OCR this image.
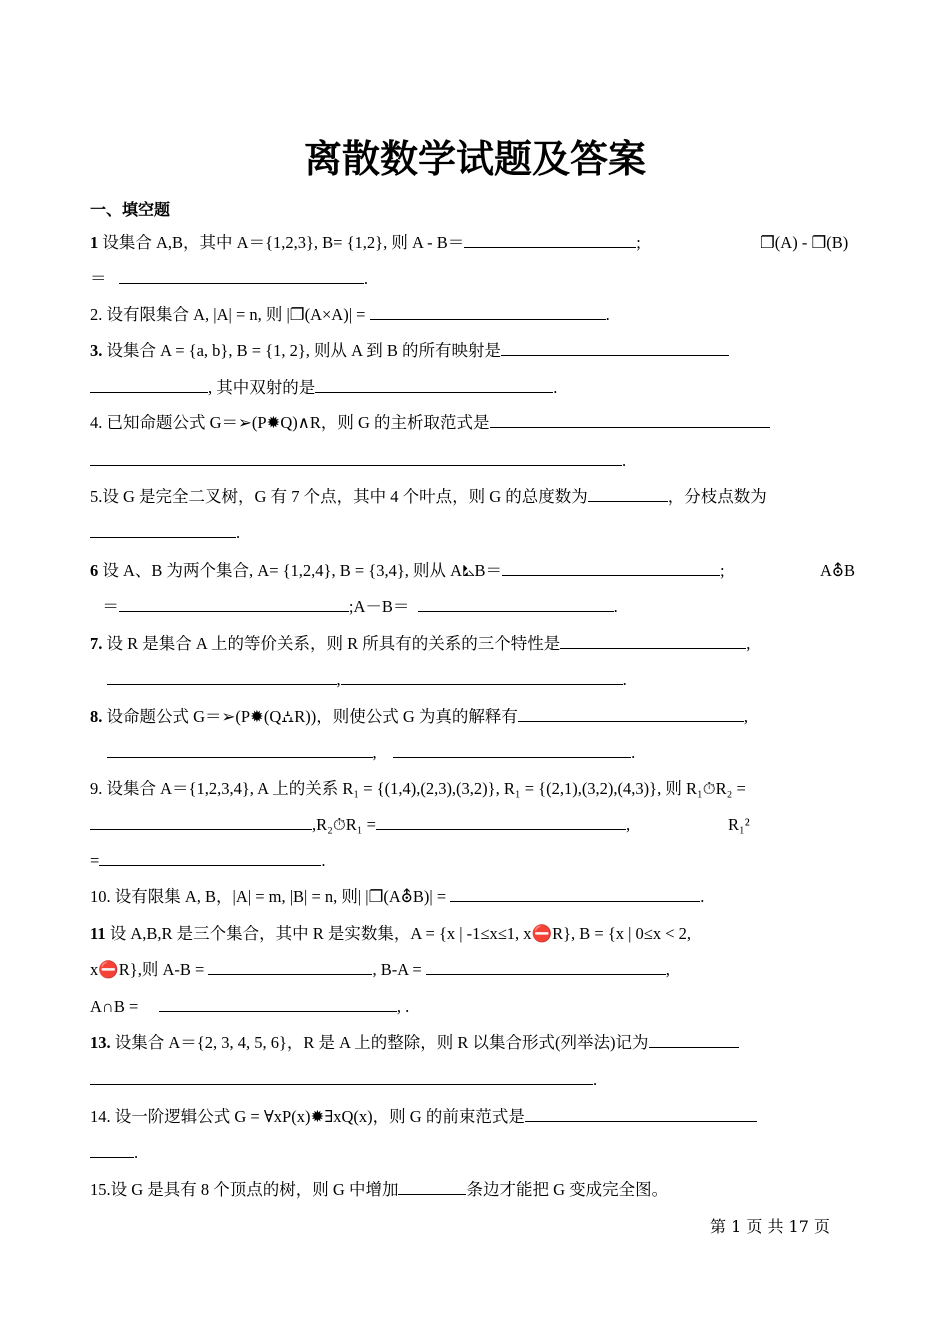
离散数学试题及答案
一、填空题
1 设集合 A,B，其中 A＝{1,2,3}, B= {1,2}, 则 A - B＝	;	❐(A) - ❐(B)
＝	.
2. 设有限集合 A, |A| = n, 则 |❐(A×A)| =	.
3. 设集合 A = {a, b}, B = {1, 2}, 则从 A 到 B 的所有映射是
, 其中双射的是	.
4. 已知命题公式 G＝➢(P✹Q)∧R，则 G 的主析取范式是
.
5.设 G 是完全二叉树，G 有 7 个点，其中 4 个叶点，则 G 的总度数为	，分枝点数为
.
6 设 A、B 为两个集合, A= {1,2,4}, B = {3,4}, 则从 A⛡B＝	;	A⛢B
＝	;A－B＝	.
7. 设 R 是集合 A 上的等价关系，则 R 所具有的关系的三个特性是	,
,	.
8. 设命题公式 G＝➢(P✹(Q⛼R))，则使公式 G 为真的解释有	,
,	.
9. 设集合 A＝{1,2,3,4}, A 上的关系 R₁ = {(1,4),(2,3),(3,2)}, R₁ = {(2,1),(3,2),(4,3)}, 则 R₁⏱R₂ =
,R₂⏱R₁ =	,	R₁²
=	.
10. 设有限集 A, B，|A| = m, |B| = n, 则| |❐(A⛢B)| =	.
11 设 A,B,R 是三个集合，其中 R 是实数集，A = {x | -1≤x≤1, x⛔R}, B = {x | 0≤x < 2,
x⛔R},则 A-B =	, B-A =	,
A∩B =	, .
13. 设集合 A＝{2, 3, 4, 5, 6}，R 是 A 上的整除，则 R 以集合形式(列举法)记为
.
14. 设一阶逻辑公式 G = ∀xP(x)✹∃xQ(x)，则 G 的前束范式是
.
15.设 G 是具有 8 个顶点的树，则 G 中增加	条边才能把 G 变成完全图。
第 1 页 共 17 页
